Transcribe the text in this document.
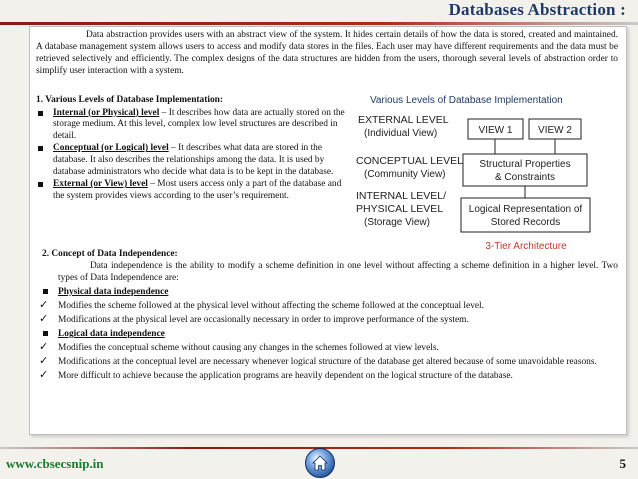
Databases Abstraction :
Data abstraction provides users with an abstract view of the system. It hides certain details of how the data is stored, created and maintained. A database management system allows users to access and modify data stores in the files. Each user may have different requirements and the data must be retrieved selectively and efficiently. The complex designs of the data structures are hidden from the users, thorough several levels of abstraction order to simplify user interaction with a system.
1. Various Levels of Database Implementation:
Internal (or Physical) level – It describes how data are actually stored on the storage medium. At this level, complex low level structures are described in detail.
Conceptual (or Logical) level – It describes what data are stored in the database. It also describes the relationships among the data. It is used by database administrators who decide what data is to be kept in the database.
External (or View) level – Most users access only a part of the database and the system provides views according to the user’s requirement.
Various Levels of Database Implementation
EXTERNAL LEVEL
(Individual View)	VIEW 1	VIEW 2
CONCEPTUAL LEVEL
(Community View)
Structural Properties
& Constraints
INTERNAL LEVEL/
PHYSICAL LEVEL
(Storage View)
Logical Representation of
Stored Records
3-Tier Architecture
2. Concept of Data Independence:
Data independence is the ability to modify a scheme definition in one level without affecting a scheme definition in a higher level. Two types of Data Independence are:
Physical data independence
✓ Modifies the scheme followed at the physical level without affecting the scheme followed at the conceptual level.
✓ Modifications at the physical level are occasionally necessary in order to improve performance of the system.
Logical data independence
✓ Modifies the conceptual scheme without causing any changes in the schemes followed at view levels.
✓ Modifications at the conceptual level are necessary whenever logical structure of the database get altered because of some unavoidable reasons.
✓ More difficult to achieve because the application programs are heavily dependent on the logical structure of the database.
www.cbsecsnip.in	5
